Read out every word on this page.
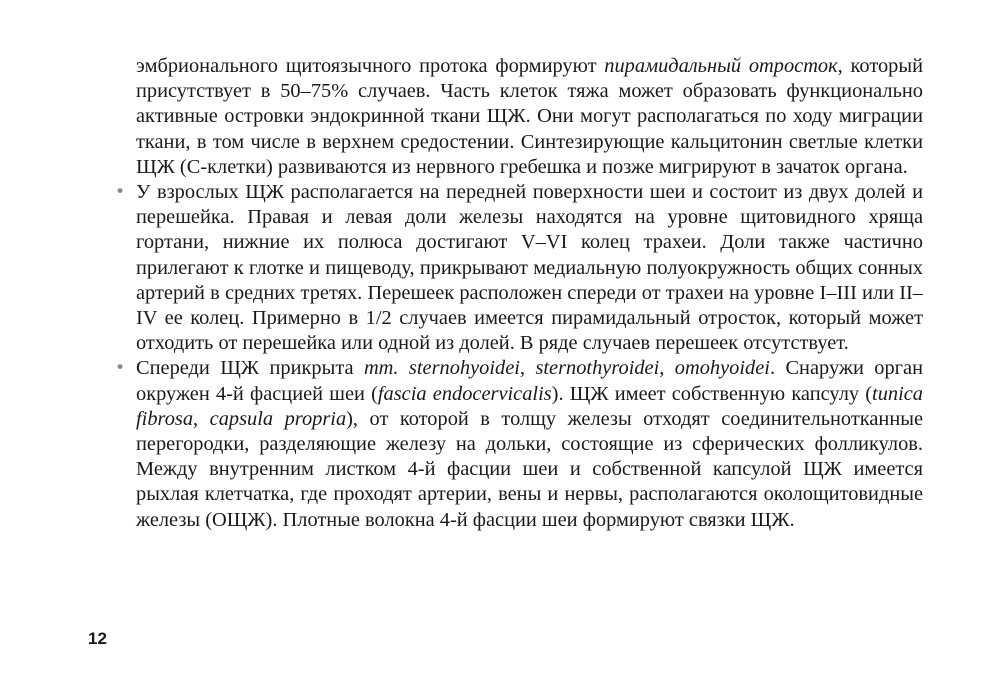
эмбрионального щитоязычного протока формируют пирамидальный отросток, который присутствует в 50–75% случаев. Часть клеток тяжа может образовать функционально активные островки эндокринной ткани ЩЖ. Они могут располагаться по ходу миграции ткани, в том числе в верхнем средостении. Синтезирующие кальцитонин светлые клетки ЩЖ (С-клетки) развиваются из нервного гребешка и позже мигрируют в зачаток органа.

• У взрослых ЩЖ располагается на передней поверхности шеи и состоит из двух долей и перешейка. Правая и левая доли железы находятся на уровне щитовидного хряща гортани, нижние их полюса достигают V–VI колец трахеи. Доли также частично прилегают к глотке и пищеводу, прикрывают медиальную полуокружность общих сонных артерий в средних третях. Перешеек расположен спереди от трахеи на уровне I–III или II–IV ее колец. Примерно в 1/2 случаев имеется пирамидальный отросток, который может отходить от перешейка или одной из долей. В ряде случаев перешеек отсутствует.

• Спереди ЩЖ прикрыта mm. sternohyoidei, sternothyroidei, omohyoidei. Снаружи орган окружен 4-й фасцией шеи (fascia endocervicalis). ЩЖ имеет собственную капсулу (tunica fibrosa, capsula propria), от которой в толщу железы отходят соединительнотканные перегородки, разделяющие железу на дольки, состоящие из сферических фолликулов. Между внутренним листком 4-й фасции шеи и собственной капсулой ЩЖ имеется рыхлая клетчатка, где проходят артерии, вены и нервы, располагаются околощитовидные железы (ОЩЖ). Плотные волокна 4-й фасции шеи формируют связки ЩЖ.

12
